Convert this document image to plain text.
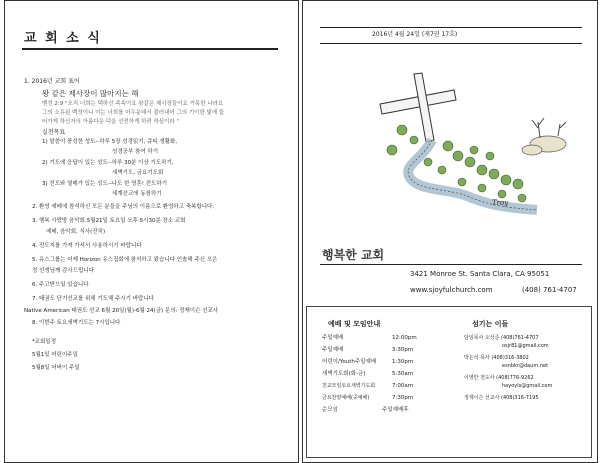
교 회 소 식
1. 2016년 교회 표어
왕 같은 제사장이 많아지는 해
벧전 2:9 "오직 너희는 택하신 족속이요 왕같은 제사장들이요 거룩한 나라요
그의 소유된 백성이니 이는 너희를 어두운데서 불러내어 그의 기이한 빛에 들
어가게 하신자의 아름다운 덕을 선전하게 하려 하심이라 "
실천목표
1) 말씀이 풍성한 성도--하루 5장 성경읽기, 큐티 생활화,
성경공부 참여 하기
2) 기도에 응답이 있는 성도--하루 30분 이상 기도하기,
새벽기도, 금요기도회
3) 전도와 열매가 있는 성도--나도 한 영혼! 전도하기
세계선교에 동참하기
2. 환영 예배에 참석하신 모든 분들을 주님의 이름으로 환영하고 축복합니다.
3. 행복 사랑방 음악회 5월21일 토요일 오후 5시30분 장소 교회
예배, 음악회, 식사(잔치)
4. 전도지를 가져 가셔서 사용하시기 바랍니다
5. 유스그룹는 어제 Horizon 유스집회에 참석하고 왔습니다 인솔해 주신 오은
정 선생님께 감사드립니다
6. 주고받으일 있습니다
7. 태권도 단기선교를 위해 기도해 주시기 바랍니다
Native American 태권도 선교 6월 20일(월)-6월 24(금) 문의: 정제이슨 선교사
8. 이번주 토요새벽기도는 7시입니다
*교회일정
5월1일 어린이주일
5월8일 어버이 주일
2016년 4월 24일 (제7권 17호)
Troy
행복한 교회
3421 Monroe St. Santa Clara, CA 95051
www.sjoyfulchurch.com	(408) 761-4707
예배 및 모임안내
주일예배	12:00pm
주일예배	3:30pm
어린이/Youth주일예배	1:30pm
새벽기도회(화-금)	5:30am
친교모임토요새벽기도회	7:00am
금요찬양예배(중예배)	7:30pm
순모임	주일예배후
섬기는 이들
담임목사 오상준 (408)761-4707
osjr81@gmail.com
박은석 목사 (408)316-3802
esnbkr@daum.net
이영란 전도사 (408)776-9262
hayoyls@gmail.com
정제이슨 선교사 (408)316-7195
